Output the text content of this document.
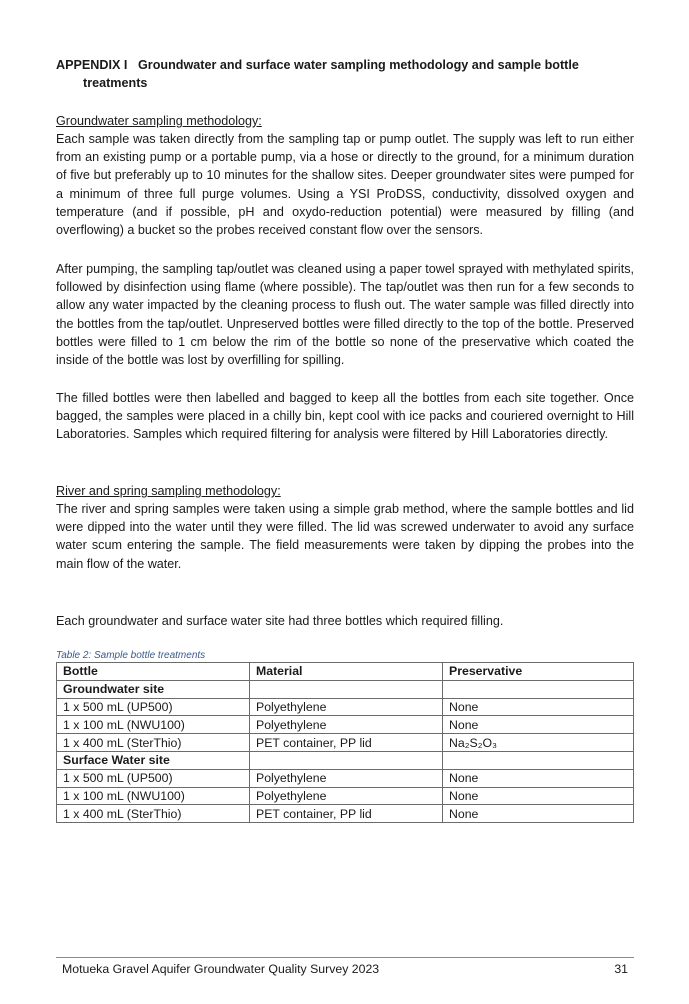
APPENDIX I Groundwater and surface water sampling methodology and sample bottle
treatments
Groundwater sampling methodology:
Each sample was taken directly from the sampling tap or pump outlet. The supply was left to run either from an existing pump or a portable pump, via a hose or directly to the ground, for a minimum duration of five but preferably up to 10 minutes for the shallow sites. Deeper groundwater sites were pumped for a minimum of three full purge volumes. Using a YSI ProDSS, conductivity, dissolved oxygen and temperature (and if possible, pH and oxydo-reduction potential) were measured by filling (and overflowing) a bucket so the probes received constant flow over the sensors.
After pumping, the sampling tap/outlet was cleaned using a paper towel sprayed with methylated spirits, followed by disinfection using flame (where possible). The tap/outlet was then run for a few seconds to allow any water impacted by the cleaning process to flush out. The water sample was filled directly into the bottles from the tap/outlet. Unpreserved bottles were filled directly to the top of the bottle. Preserved bottles were filled to 1 cm below the rim of the bottle so none of the preservative which coated the inside of the bottle was lost by overfilling for spilling.
The filled bottles were then labelled and bagged to keep all the bottles from each site together. Once bagged, the samples were placed in a chilly bin, kept cool with ice packs and couriered overnight to Hill Laboratories. Samples which required filtering for analysis were filtered by Hill Laboratories directly.
River and spring sampling methodology:
The river and spring samples were taken using a simple grab method, where the sample bottles and lid were dipped into the water until they were filled. The lid was screwed underwater to avoid any surface water scum entering the sample. The field measurements were taken by dipping the probes into the main flow of the water.
Each groundwater and surface water site had three bottles which required filling.
Table 2: Sample bottle treatments
Bottle	Material	Preservative
Groundwater site		
1 x 500 mL (UP500)	Polyethylene	None
1 x 100 mL (NWU100)	Polyethylene	None
1 x 400 mL (SterThio)	PET container, PP lid	Na₂S₂O₃
Surface Water site		
1 x 500 mL (UP500)	Polyethylene	None
1 x 100 mL (NWU100)	Polyethylene	None
1 x 400 mL (SterThio)	PET container, PP lid	None
Motueka Gravel Aquifer Groundwater Quality Survey 2023	31
